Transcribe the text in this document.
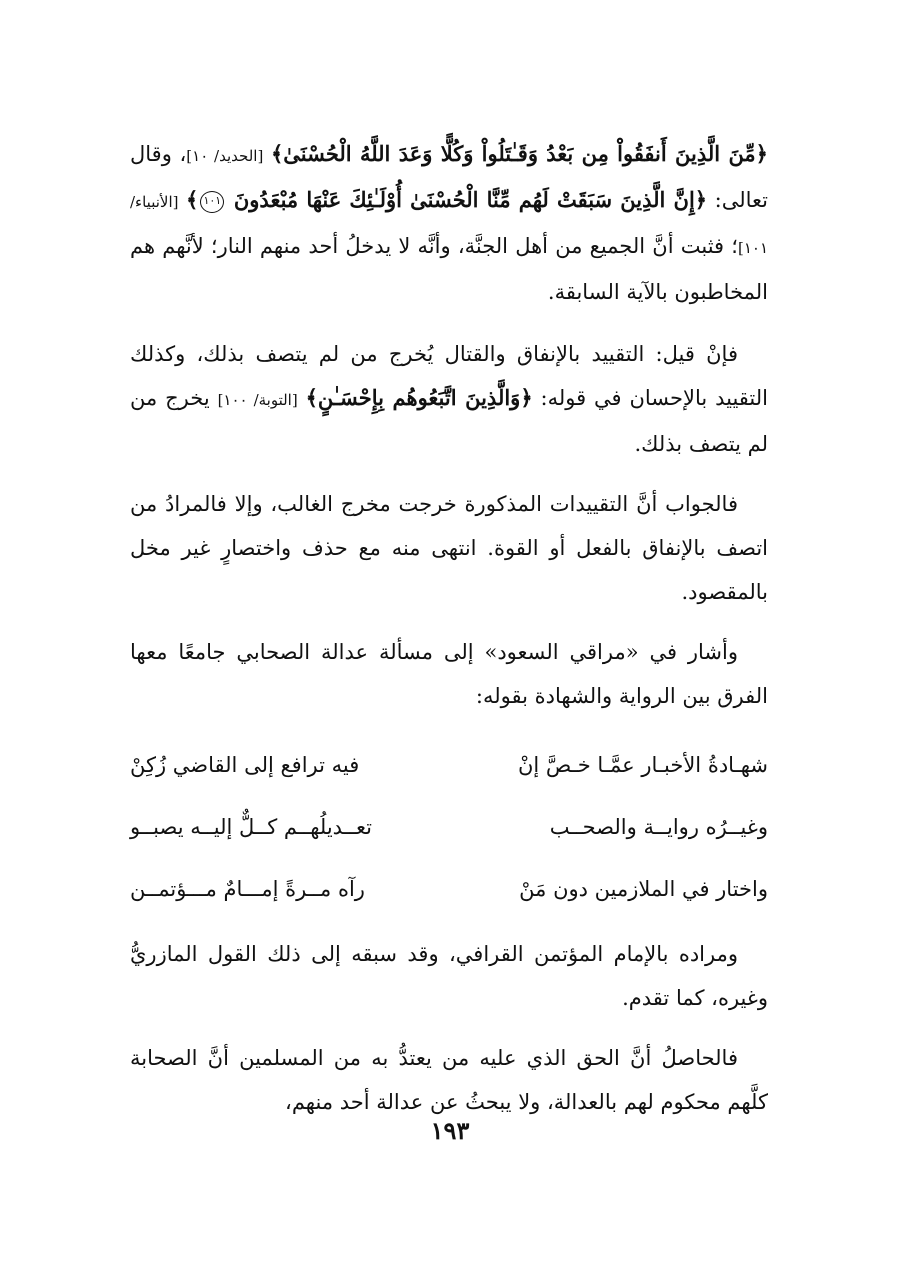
﴿مِّنَ الَّذِينَ أَنفَقُواْ مِن بَعْدُ وَقَـٰتَلُواْ وَكُلًّا وَعَدَ اللَّهُ الْحُسْنَىٰ﴾ [الحديد/ ١٠]، وقال تعالى: ﴿إِنَّ الَّذِينَ سَبَقَتْ لَهُم مِّنَّا الْحُسْنَىٰ أُوْلَـٰئِكَ عَنْهَا مُبْعَدُونَ ١٠١﴾ [الأنبياء/ ١٠١]؛ فثبت أنَّ الجميع من أهل الجنَّة، وأنَّه لا يدخلُ أحد منهم النار؛ لأنَّهم هم المخاطبون بالآية السابقة.

فإنْ قيل: التقييد بالإنفاق والقتال يُخرج من لم يتصف بذلك، وكذلك التقييد بالإحسان في قوله: ﴿وَالَّذِينَ اتَّبَعُوهُم بِإِحْسَـٰنٍ﴾ [التوبة/ ١٠٠] يخرج من لم يتصف بذلك.

فالجواب أنَّ التقييدات المذكورة خرجت مخرج الغالب، وإلا فالمرادُ من اتصف بالإنفاق بالفعل أو القوة. انتهى منه مع حذف واختصارٍ غير مخل بالمقصود.

وأشار في «مراقي السعود» إلى مسألة عدالة الصحابي جامعًا معها الفرق بين الرواية والشهادة بقوله:

شهـادةُ الأخبـار عمَّـا خـصَّ إنْ
فيه ترافع إلى القاضي زُكِنْ
وغيــرُه روايــة والصحــب
تعــديلُهــم كــلٌّ إليــه يصبــو
واختار في الملازمين دون مَنْ
رآه مــرةً إمـــامٌ مـــؤتمــن

ومراده بالإمام المؤتمن القرافي، وقد سبقه إلى ذلك القول المازريُّ وغيره، كما تقدم.

فالحاصلُ أنَّ الحق الذي عليه من يعتدُّ به من المسلمين أنَّ الصحابة كلَّهم محكوم لهم بالعدالة، ولا يبحثُ عن عدالة أحد منهم،

١٩٣
